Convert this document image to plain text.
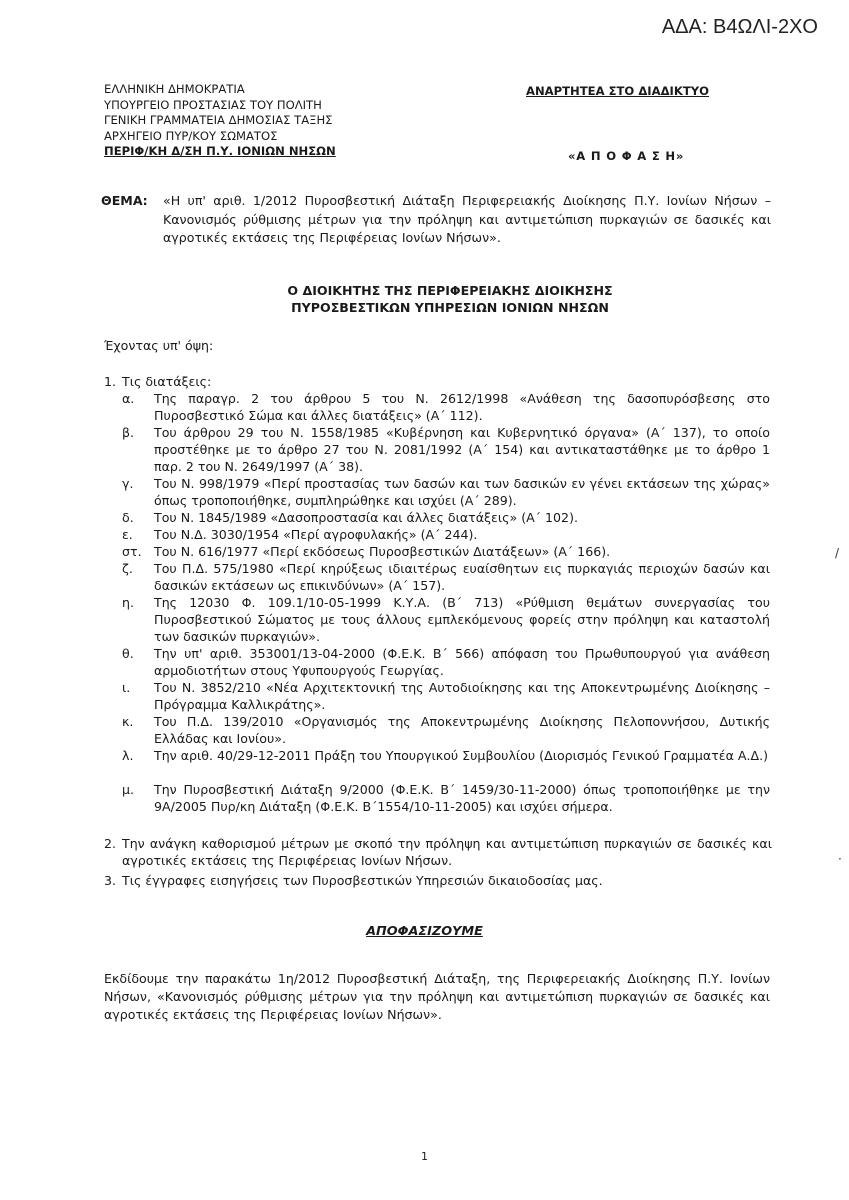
ΑΔΑ: Β4ΩΛΙ-2ΧΟ
ΕΛΛΗΝΙΚΗ ΔΗΜΟΚΡΑΤΙΑ
ΥΠΟΥΡΓΕΙΟ ΠΡΟΣΤΑΣΙΑΣ ΤΟΥ ΠΟΛΙΤΗ
ΓΕΝΙΚΗ ΓΡΑΜΜΑΤΕΙΑ ΔΗΜΟΣΙΑΣ ΤΑΞΗΣ
ΑΡΧΗΓΕΙΟ ΠΥΡ/ΚΟΥ ΣΩΜΑΤΟΣ
ΠΕΡΙΦ/ΚΗ Δ/ΣΗ Π.Υ. ΙΟΝΙΩΝ ΝΗΣΩΝ
ΑΝΑΡΤΗΤΕΑ ΣΤΟ ΔΙΑΔΙΚΤΥΟ
«Α Π Ο Φ Α Σ Η»
ΘΕΜΑ: «Η υπ' αριθ. 1/2012 Πυροσβεστική Διάταξη Περιφερειακής Διοίκησης Π.Υ. Ιονίων Νήσων – Κανονισμός ρύθμισης μέτρων για την πρόληψη και αντιμετώπιση πυρκαγιών σε δασικές και αγροτικές εκτάσεις της Περιφέρειας Ιονίων Νήσων».
Ο ΔΙΟΙΚΗΤΗΣ ΤΗΣ ΠΕΡΙΦΕΡΕΙΑΚΗΣ ΔΙΟΙΚΗΣΗΣ
ΠΥΡΟΣΒΕΣΤΙΚΩΝ ΥΠΗΡΕΣΙΩΝ ΙΟΝΙΩΝ ΝΗΣΩΝ
Έχοντας υπ' όψη:
1. Τις διατάξεις:
α. Της παραγρ. 2 του άρθρου 5 του Ν. 2612/1998 «Ανάθεση της δασοπυρόσβεσης στο Πυροσβεστικό Σώμα και άλλες διατάξεις» (Α΄ 112).
β. Του άρθρου 29 του Ν. 1558/1985 «Κυβέρνηση και Κυβερνητικό όργανα» (Α΄ 137), το οποίο προστέθηκε με το άρθρο 27 του Ν. 2081/1992 (Α΄ 154) και αντικαταστάθηκε με το άρθρο 1 παρ. 2 του Ν. 2649/1997 (Α΄ 38).
γ. Του Ν. 998/1979 «Περί προστασίας των δασών και των δασικών εν γένει εκτάσεων της χώρας» όπως τροποποιήθηκε, συμπληρώθηκε και ισχύει (Α΄ 289).
δ. Του Ν. 1845/1989 «Δασοπροστασία και άλλες διατάξεις» (Α΄ 102).
ε. Του Ν.Δ. 3030/1954 «Περί αγροφυλακής» (Α΄ 244).
στ. Του Ν. 616/1977 «Περί εκδόσεως Πυροσβεστικών Διατάξεων» (Α΄ 166).
ζ. Του Π.Δ. 575/1980 «Περί κηρύξεως ιδιαιτέρως ευαίσθητων εις πυρκαγιάς περιοχών δασών και δασικών εκτάσεων ως επικινδύνων» (Α΄ 157).
η. Της 12030 Φ. 109.1/10-05-1999 Κ.Υ.Α. (Β΄ 713) «Ρύθμιση θεμάτων συνεργασίας του Πυροσβεστικού Σώματος με τους άλλους εμπλεκόμενους φορείς στην πρόληψη και καταστολή των δασικών πυρκαγιών».
θ. Την υπ' αριθ. 353001/13-04-2000 (Φ.Ε.Κ. Β΄ 566) απόφαση του Πρωθυπουργού για ανάθεση αρμοδιοτήτων στους Υφυπουργούς Γεωργίας.
ι. Του Ν. 3852/210 «Νέα Αρχιτεκτονική της Αυτοδιοίκησης και της Αποκεντρωμένης Διοίκησης – Πρόγραμμα Καλλικράτης».
κ. Του Π.Δ. 139/2010 «Οργανισμός της Αποκεντρωμένης Διοίκησης Πελοποννήσου, Δυτικής Ελλάδας και Ιονίου».
λ. Την αριθ. 40/29-12-2011 Πράξη του Υπουργικού Συμβουλίου (Διορισμός Γενικού Γραμματέα Α.Δ.)
μ. Την Πυροσβεστική Διάταξη 9/2000 (Φ.Ε.Κ. Β΄ 1459/30-11-2000) όπως τροποποιήθηκε με την 9Α/2005 Πυρ/κη Διάταξη (Φ.Ε.Κ. Β΄1554/10-11-2005) και ισχύει σήμερα.
2. Την ανάγκη καθορισμού μέτρων με σκοπό την πρόληψη και αντιμετώπιση πυρκαγιών σε δασικές και αγροτικές εκτάσεις της Περιφέρειας Ιονίων Νήσων.
3. Τις έγγραφες εισηγήσεις των Πυροσβεστικών Υπηρεσιών δικαιοδοσίας μας.
ΑΠΟΦΑΣΙΖΟΥΜΕ
Εκδίδουμε την παρακάτω 1η/2012 Πυροσβεστική Διάταξη, της Περιφερειακής Διοίκησης Π.Υ. Ιονίων Νήσων, «Κανονισμός ρύθμισης μέτρων για την πρόληψη και αντιμετώπιση πυρκαγιών σε δασικές και αγροτικές εκτάσεις της Περιφέρειας Ιονίων Νήσων».
1
/
·
